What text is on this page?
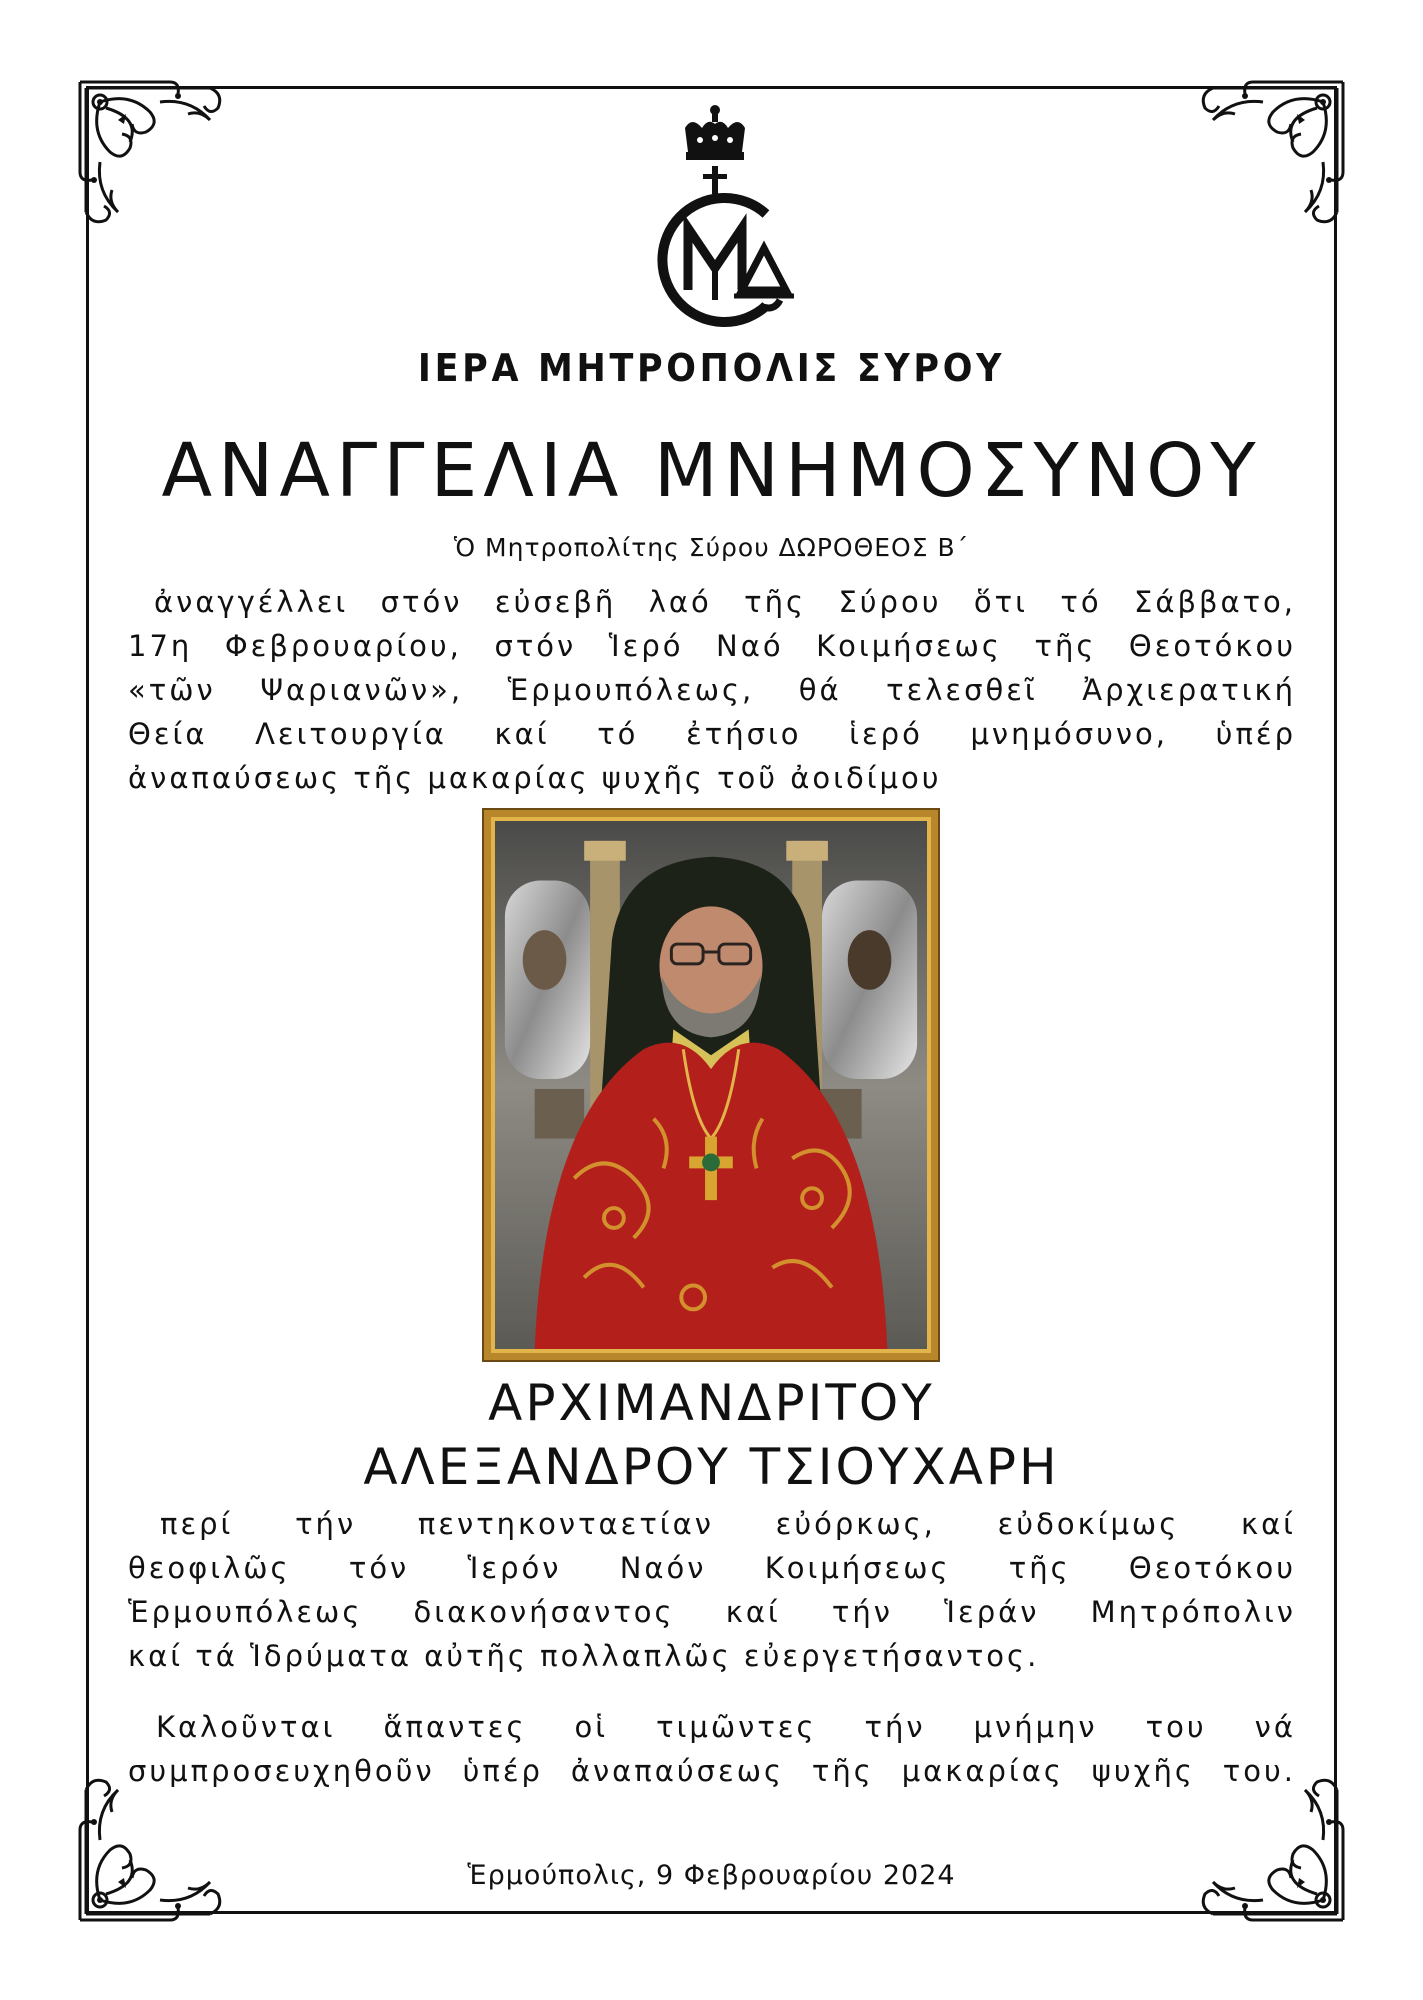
ΙΕΡΑ ΜΗΤΡΟΠΟΛΙΣ ΣΥΡΟΥ
ΑΝΑΓΓΕΛΙΑ ΜΝΗΜΟΣΥΝΟΥ
Ὁ Μητροπολίτης Σύρου ΔΩΡΟΘΕΟΣ Β΄
ἀναγγέλλει στόν εὐσεβῆ λαό τῆς Σύρου ὅτι τό Σάββατο,
17η Φεβρουαρίου, στόν Ἱερό Ναό Κοιμήσεως τῆς Θεοτόκου
«τῶν Ψαριανῶν», Ἑρμουπόλεως, θά τελεσθεῖ Ἀρχιερατική
Θεία Λειτουργία καί τό ἐτήσιο ἱερό μνημόσυνο, ὑπέρ
ἀναπαύσεως τῆς μακαρίας ψυχῆς τοῦ ἀοιδίμου
ΑΡΧΙΜΑΝΔΡΙΤΟΥ
ΑΛΕΞΑΝΔΡΟΥ ΤΣΙΟΥΧΑΡΗ
περί τήν πεντηκονταετίαν εὐόρκως, εὐδοκίμως καί
θεοφιλῶς τόν Ἱερόν Ναόν Κοιμήσεως τῆς Θεοτόκου
Ἑρμουπόλεως διακονήσαντος καί τήν Ἱεράν Μητρόπολιν
καί τά Ἱδρύματα αὐτῆς πολλαπλῶς εὐεργετήσαντος.
Καλοῦνται ἅπαντες οἱ τιμῶντες τήν μνήμην του νά
συμπροσευχηθοῦν ὑπέρ ἀναπαύσεως τῆς μακαρίας ψυχῆς του.
Ἑρμούπολις, 9 Φεβρουαρίου 2024
